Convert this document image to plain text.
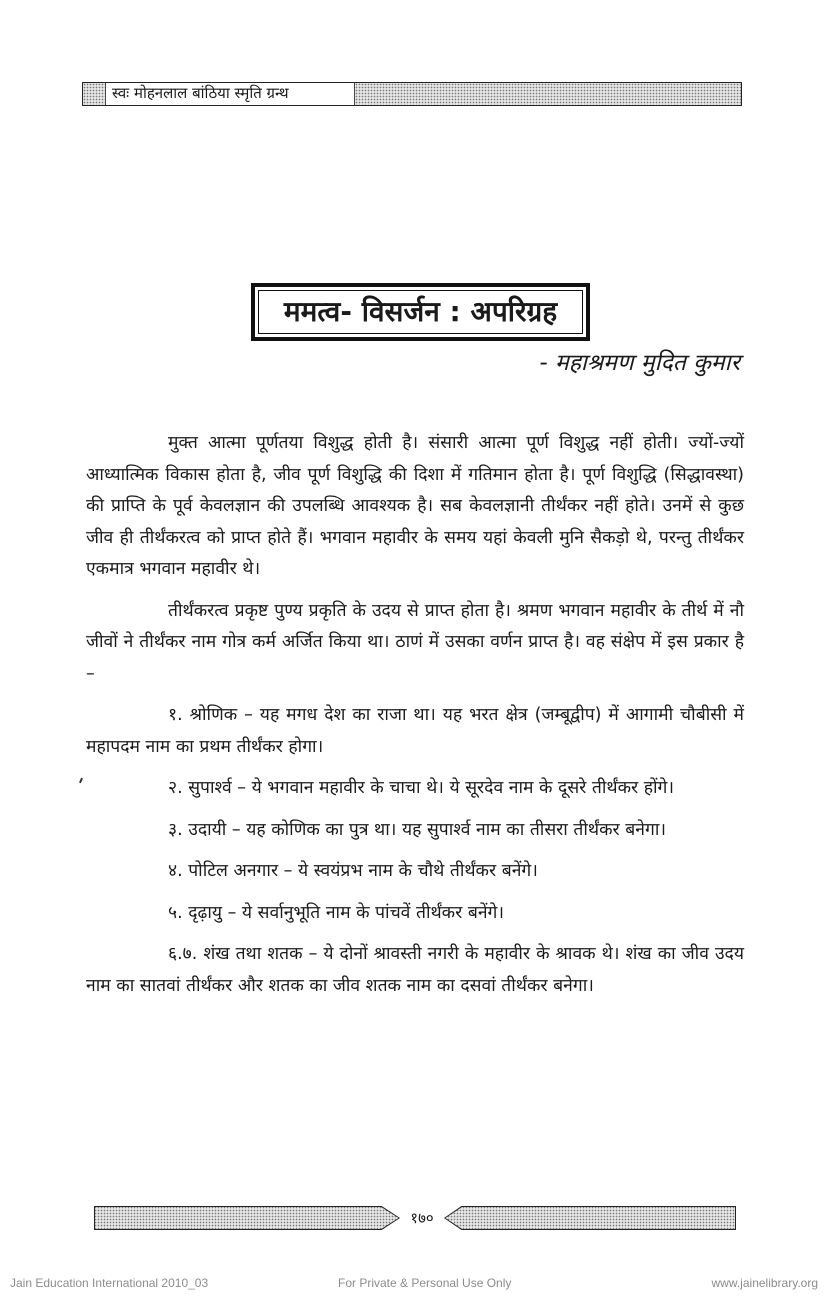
स्वः मोहनलाल बांठिया स्मृति ग्रन्थ
ममत्व- विसर्जन : अपरिग्रह
- महाश्रमण मुदित कुमार

मुक्त आत्मा पूर्णतया विशुद्ध होती है। संसारी आत्मा पूर्ण विशुद्ध नहीं होती। ज्यों-ज्यों आध्यात्मिक विकास होता है, जीव पूर्ण विशुद्धि की दिशा में गतिमान होता है। पूर्ण विशुद्धि (सिद्धावस्था) की प्राप्ति के पूर्व केवलज्ञान की उपलब्धि आवश्यक है। सब केवलज्ञानी तीर्थंकर नहीं होते। उनमें से कुछ जीव ही तीर्थंकरत्व को प्राप्त होते हैं। भगवान महावीर के समय यहां केवली मुनि सैकड़ो थे, परन्तु तीर्थंकर एकमात्र भगवान महावीर थे।

तीर्थंकरत्व प्रकृष्ट पुण्य प्रकृति के उदय से प्राप्त होता है। श्रमण भगवान महावीर के तीर्थ में नौ जीवों ने तीर्थंकर नाम गोत्र कर्म अर्जित किया था। ठाणं में उसका वर्णन प्राप्त है। वह संक्षेप में इस प्रकार है –

१. श्रोणिक – यह मगध देश का राजा था। यह भरत क्षेत्र (जम्बूद्वीप) में आगामी चौबीसी में महापदम नाम का प्रथम तीर्थंकर होगा।

२. सुपार्श्व – ये भगवान महावीर के चाचा थे। ये सूरदेव नाम के दूसरे तीर्थंकर होंगे।

३. उदायी – यह कोणिक का पुत्र था। यह सुपार्श्व नाम का तीसरा तीर्थंकर बनेगा।

४. पोटिल अनगार – ये स्वयंप्रभ नाम के चौथे तीर्थंकर बनेंगे।

५. दृढ़ायु – ये सर्वानुभूति नाम के पांचवें तीर्थंकर बनेंगे।

६.७. शंख तथा शतक – ये दोनों श्रावस्ती नगरी के महावीर के श्रावक थे। शंख का जीव उदय नाम का सातवां तीर्थंकर और शतक का जीव शतक नाम का दसवां तीर्थंकर बनेगा।

१७०
Jain Education International 2010_03	For Private & Personal Use Only	www.jainelibrary.org
